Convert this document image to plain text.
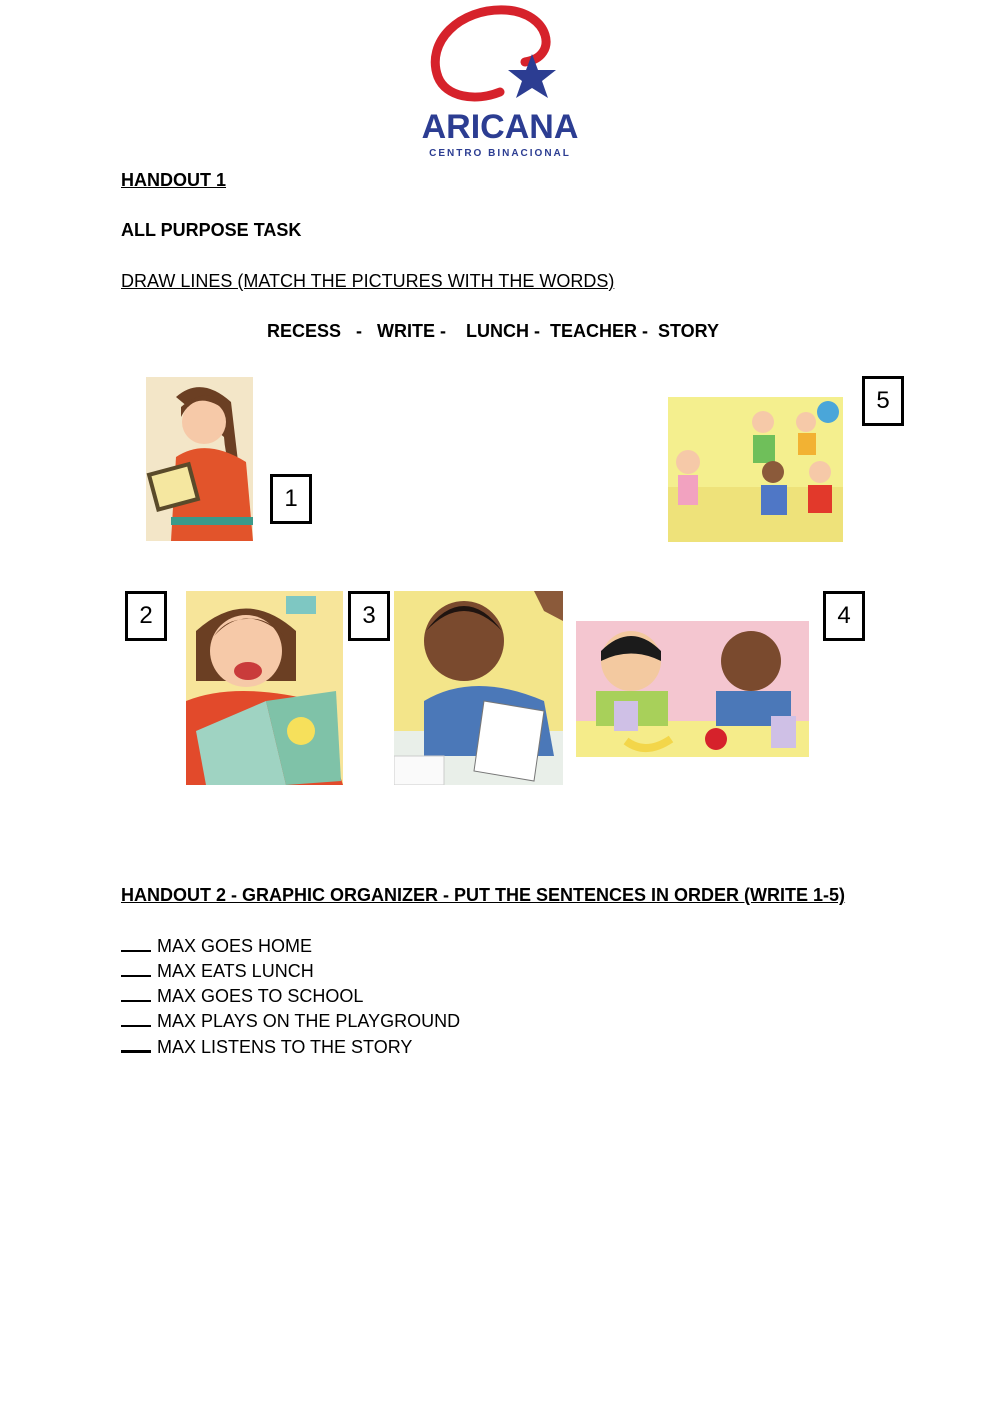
ARICANA
CENTRO BINACIONAL
HANDOUT 1
ALL PURPOSE TASK
DRAW LINES (MATCH THE PICTURES WITH THE WORDS)
RECESS   -   WRITE -    LUNCH -  TEACHER -  STORY
1
5
2	3	4
HANDOUT 2 - GRAPHIC ORGANIZER - PUT THE SENTENCES IN ORDER (WRITE 1-5)
MAX GOES HOME
MAX EATS LUNCH
MAX GOES TO SCHOOL
MAX PLAYS ON THE PLAYGROUND
MAX LISTENS TO THE STORY
